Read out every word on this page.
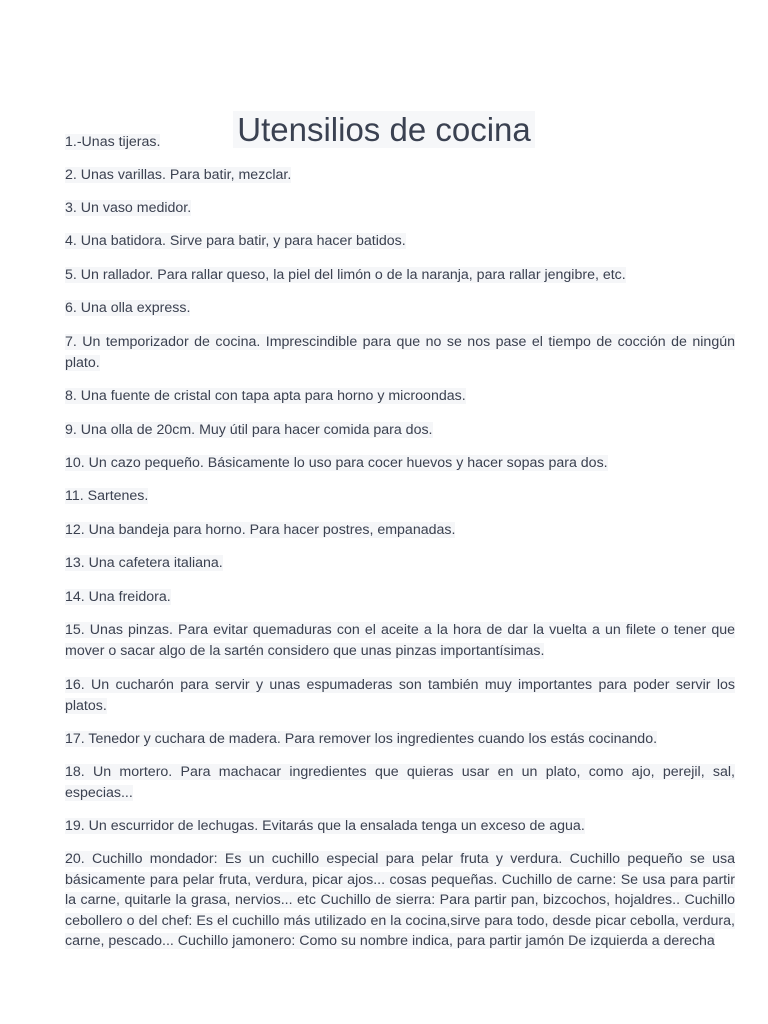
Utensilios de cocina
1.-Unas tijeras.
2. Unas varillas. Para batir, mezclar.
3. Un vaso medidor.
4. Una batidora. Sirve para batir, y para hacer batidos.
5. Un rallador. Para rallar queso, la piel del limón o de la naranja, para rallar jengibre, etc.
6. Una olla express.
7. Un temporizador de cocina. Imprescindible para que no se nos pase el tiempo de cocción de ningún plato.
8. Una fuente de cristal con tapa apta para horno y microondas.
9. Una olla de 20cm. Muy útil para hacer comida para dos.
10. Un cazo pequeño. Básicamente lo uso para cocer huevos y hacer sopas para dos.
11. Sartenes.
12. Una bandeja para horno. Para hacer postres, empanadas.
13. Una cafetera italiana.
14. Una freidora.
15. Unas pinzas. Para evitar quemaduras con el aceite a la hora de dar la vuelta a un filete o tener que mover o sacar algo de la sartén considero que unas pinzas importantísimas.
16. Un cucharón para servir y unas espumaderas son también muy importantes para poder servir los platos.
17. Tenedor y cuchara de madera. Para remover los ingredientes cuando los estás cocinando.
18. Un mortero. Para machacar ingredientes que quieras usar en un plato, como ajo, perejil, sal, especias...
19. Un escurridor de lechugas. Evitarás que la ensalada tenga un exceso de agua.
20. Cuchillo mondador: Es un cuchillo especial para pelar fruta y verdura. Cuchillo pequeño se usa básicamente para pelar fruta, verdura, picar ajos... cosas pequeñas. Cuchillo de carne: Se usa para partir la carne, quitarle la grasa, nervios... etc Cuchillo de sierra: Para partir pan, bizcochos, hojaldres.. Cuchillo cebollero o del chef: Es el cuchillo más utilizado en la cocina,sirve para todo, desde picar cebolla, verdura, carne, pescado... Cuchillo jamonero: Como su nombre indica, para partir jamón De izquierda a derecha
